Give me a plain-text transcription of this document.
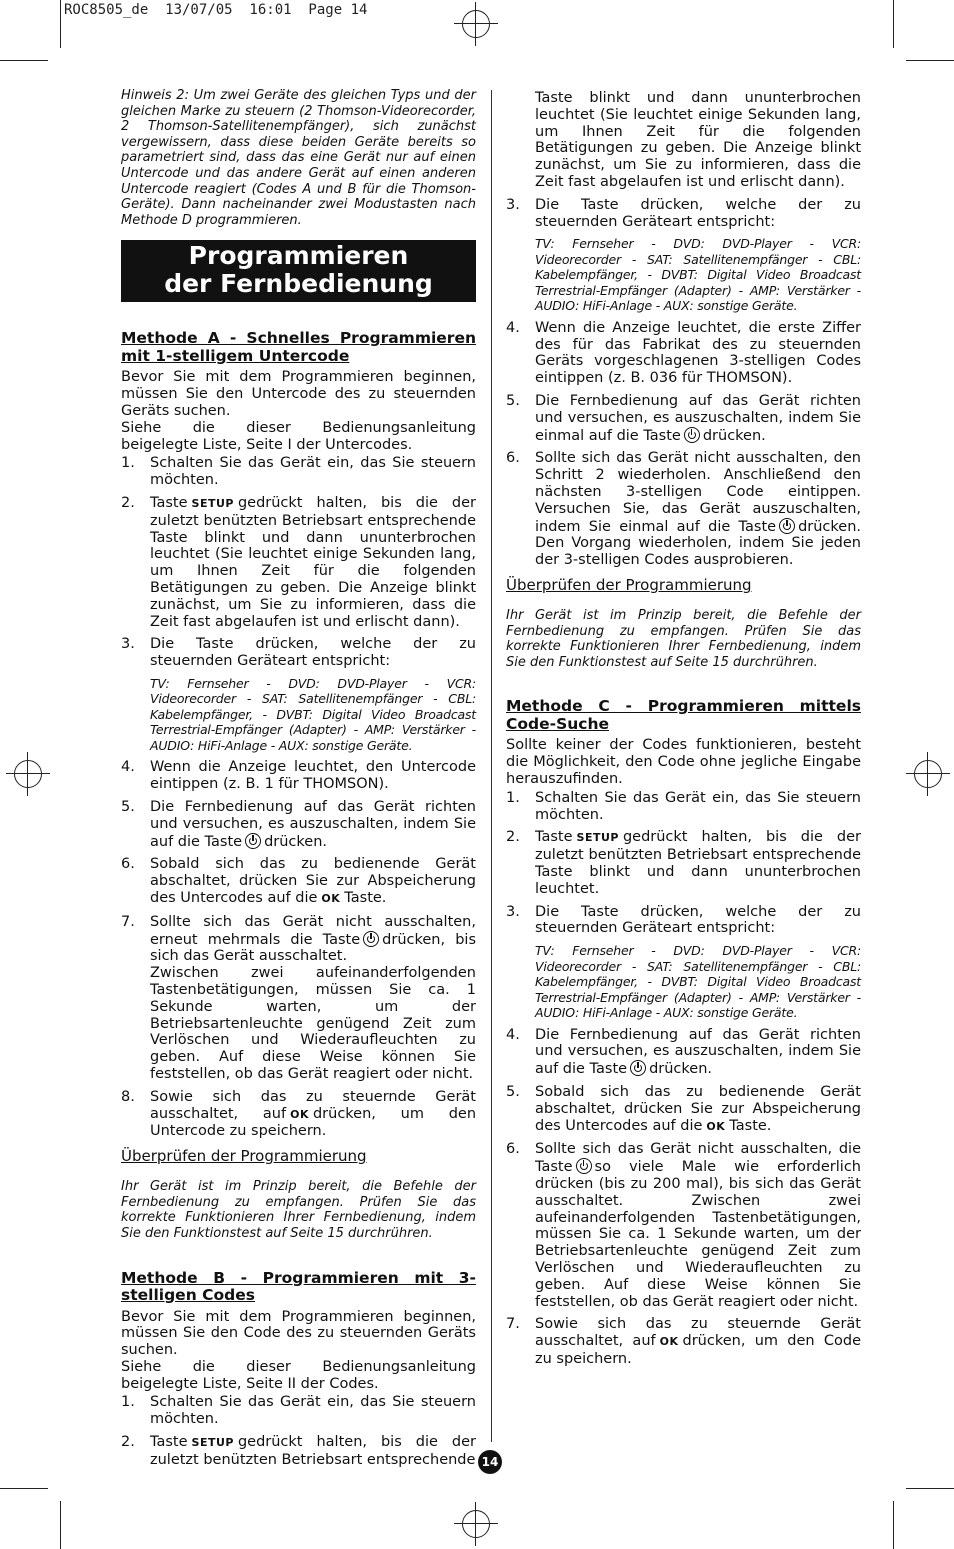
ROC8505_de  13/07/05  16:01  Page 14

Hinweis 2: Um zwei Geräte des gleichen Typs und der gleichen Marke zu steuern (2 Thomson-Videorecorder, 2 Thomson-Satellitenempfänger), sich zunächst vergewissern, dass diese beiden Geräte bereits so parametriert sind, dass das eine Gerät nur auf einen Untercode und das andere Gerät auf einen anderen Untercode reagiert (Codes A und B für die Thomson-Geräte). Dann nacheinander zwei Modustasten nach Methode D programmieren.

Programmieren
der Fernbedienung
Methode A - Schnelles Programmieren mit 1-stelligem Untercode

Bevor Sie mit dem Programmieren beginnen, müssen Sie den Untercode des zu steuernden Geräts suchen.

Siehe die dieser Bedienungsanleitung beigelegte Liste, Seite I der Untercodes.

1. Schalten Sie das Gerät ein, das Sie steuern möchten.
2. Taste SETUP gedrückt halten, bis die der zuletzt benützten Betriebsart entsprechende Taste blinkt und dann ununterbrochen leuchtet (Sie leuchtet einige Sekunden lang, um Ihnen Zeit für die folgenden Betätigungen zu geben. Die Anzeige blinkt zunächst, um Sie zu informieren, dass die Zeit fast abgelaufen ist und erlischt dann).
3. Die Taste drücken, welche der zu steuernden Geräteart entspricht:

TV: Fernseher - DVD: DVD-Player - VCR: Videorecorder - SAT: Satellitenempfänger - CBL: Kabelempfänger, - DVBT: Digital Video Broadcast Terrestrial-Empfänger (Adapter) - AMP: Verstärker - AUDIO: HiFi-Anlage - AUX: sonstige Geräte.

4. Wenn die Anzeige leuchtet, den Untercode eintippen (z. B. 1 für THOMSON).
5. Die Fernbedienung auf das Gerät richten und versuchen, es auszuschalten, indem Sie auf die Taste drücken.
6. Sobald sich das zu bedienende Gerät abschaltet, drücken Sie zur Abspeicherung des Untercodes auf die OK Taste.
7. Sollte sich das Gerät nicht ausschalten, erneut mehrmals die Taste drücken, bis sich das Gerät ausschaltet.
Zwischen zwei aufeinanderfolgenden Tastenbetätigungen, müssen Sie ca. 1 Sekunde warten, um der Betriebsartenleuchte genügend Zeit zum Verlöschen und Wiederaufleuchten zu geben. Auf diese Weise können Sie feststellen, ob das Gerät reagiert oder nicht.
8. Sowie sich das zu steuernde Gerät ausschaltet, auf OK drücken, um den Untercode zu speichern.
Überprüfen der Programmierung

Ihr Gerät ist im Prinzip bereit, die Befehle der Fernbedienung zu empfangen. Prüfen Sie das korrekte Funktionieren Ihrer Fernbedienung, indem Sie den Funktionstest auf Seite 15 durchrühren.

Methode B - Programmieren mit 3-stelligen Codes

Bevor Sie mit dem Programmieren beginnen, müssen Sie den Code des zu steuernden Geräts suchen.

Siehe die dieser Bedienungsanleitung beigelegte Liste, Seite II der Codes.

1. Schalten Sie das Gerät ein, das Sie steuern möchten.
2. Taste SETUP gedrückt halten, bis die der zuletzt benützten Betriebsart entsprechende
Taste blinkt und dann ununterbrochen leuchtet (Sie leuchtet einige Sekunden lang, um Ihnen Zeit für die folgenden Betätigungen zu geben. Die Anzeige blinkt zunächst, um Sie zu informieren, dass die Zeit fast abgelaufen ist und erlischt dann).
3. Die Taste drücken, welche der zu steuernden Geräteart entspricht:

TV: Fernseher - DVD: DVD-Player - VCR: Videorecorder - SAT: Satellitenempfänger - CBL: Kabelempfänger, - DVBT: Digital Video Broadcast Terrestrial-Empfänger (Adapter) - AMP: Verstärker - AUDIO: HiFi-Anlage - AUX: sonstige Geräte.

4. Wenn die Anzeige leuchtet, die erste Ziffer des für das Fabrikat des zu steuernden Geräts vorgeschlagenen 3-stelligen Codes eintippen (z. B. 036 für THOMSON).
5. Die Fernbedienung auf das Gerät richten und versuchen, es auszuschalten, indem Sie einmal auf die Taste drücken.
6. Sollte sich das Gerät nicht ausschalten, den Schritt 2 wiederholen. Anschließend den nächsten 3-stelligen Code eintippen. Versuchen Sie, das Gerät auszuschalten, indem Sie einmal auf die Taste drücken. Den Vorgang wiederholen, indem Sie jeden der 3-stelligen Codes ausprobieren.
Überprüfen der Programmierung

Ihr Gerät ist im Prinzip bereit, die Befehle der Fernbedienung zu empfangen. Prüfen Sie das korrekte Funktionieren Ihrer Fernbedienung, indem Sie den Funktionstest auf Seite 15 durchrühren.

Methode C - Programmieren mittels Code-Suche

Sollte keiner der Codes funktionieren, besteht die Möglichkeit, den Code ohne jegliche Eingabe herauszufinden.

1. Schalten Sie das Gerät ein, das Sie steuern möchten.
2. Taste SETUP gedrückt halten, bis die der zuletzt benützten Betriebsart entsprechende Taste blinkt und dann ununterbrochen leuchtet.
3. Die Taste drücken, welche der zu steuernden Geräteart entspricht:

TV: Fernseher - DVD: DVD-Player - VCR: Videorecorder - SAT: Satellitenempfänger - CBL: Kabelempfänger, - DVBT: Digital Video Broadcast Terrestrial-Empfänger (Adapter) - AMP: Verstärker - AUDIO: HiFi-Anlage - AUX: sonstige Geräte.

4. Die Fernbedienung auf das Gerät richten und versuchen, es auszuschalten, indem Sie auf die Taste drücken.
5. Sobald sich das zu bedienende Gerät abschaltet, drücken Sie zur Abspeicherung des Untercodes auf die OK Taste.
6. Sollte sich das Gerät nicht ausschalten, die Taste so viele Male wie erforderlich drücken (bis zu 200 mal), bis sich das Gerät ausschaltet. Zwischen zwei aufeinanderfolgenden Tastenbetätigungen, müssen Sie ca. 1 Sekunde warten, um der Betriebsartenleuchte genügend Zeit zum Verlöschen und Wiederaufleuchten zu geben. Auf diese Weise können Sie feststellen, ob das Gerät reagiert oder nicht.
7. Sowie sich das zu steuernde Gerät ausschaltet, auf OK drücken, um den Code zu speichern.
14
